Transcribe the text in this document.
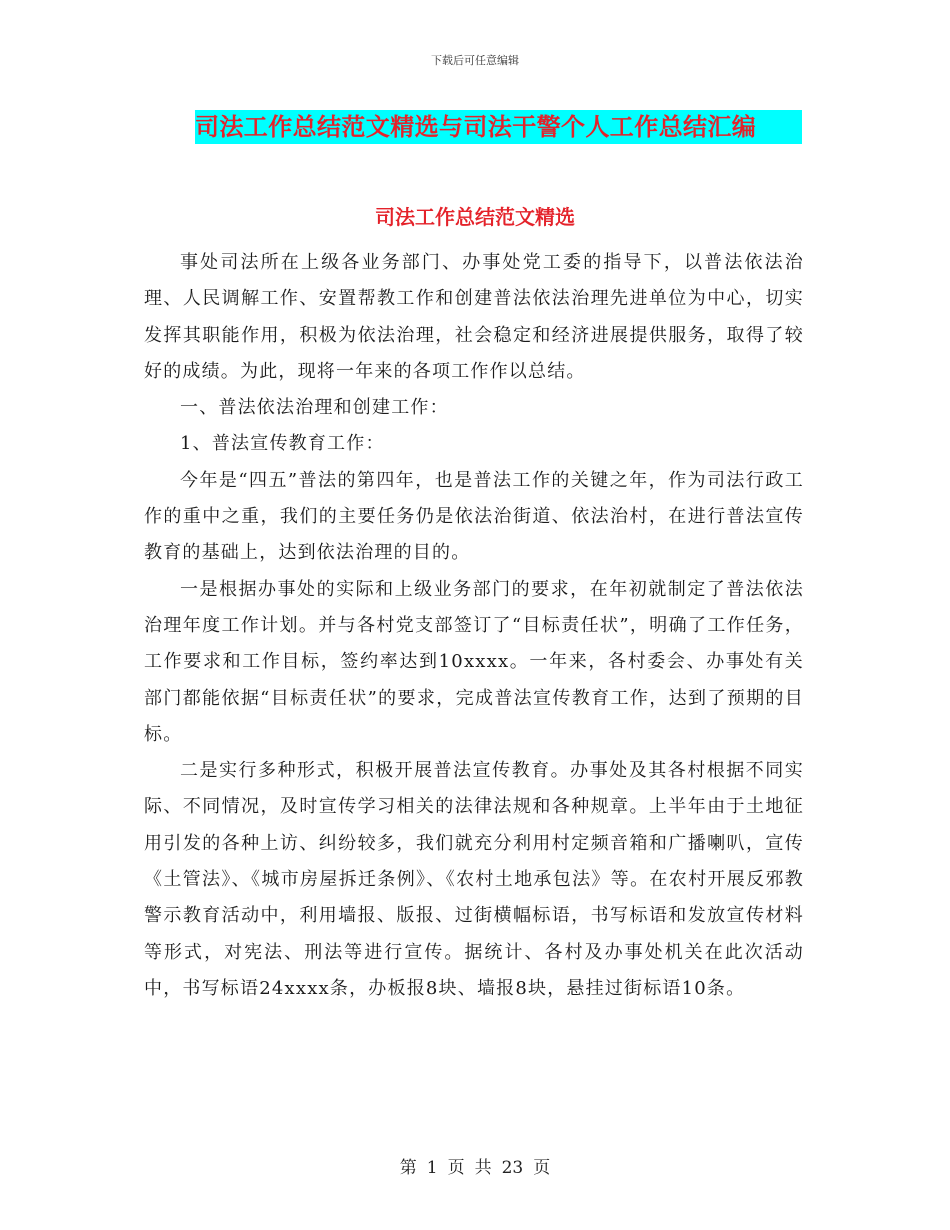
下载后可任意编辑
司法工作总结范文精选与司法干警个人工作总结汇编
司法工作总结范文精选

事处司法所在上级各业务部门、办事处党工委的指导下，以普法依法治理、人民调解工作、安置帮教工作和创建普法依法治理先进单位为中心，切实发挥其职能作用，积极为依法治理，社会稳定和经济进展提供服务，取得了较好的成绩。为此，现将一年来的各项工作作以总结。

一、普法依法治理和创建工作：

1、普法宣传教育工作：

今年是“四五”普法的第四年，也是普法工作的关键之年，作为司法行政工作的重中之重，我们的主要任务仍是依法治街道、依法治村，在进行普法宣传教育的基础上，达到依法治理的目的。

一是根据办事处的实际和上级业务部门的要求，在年初就制定了普法依法治理年度工作计划。并与各村党支部签订了“目标责任状”，明确了工作任务，工作要求和工作目标，签约率达到10xxxx。一年来，各村委会、办事处有关部门都能依据“目标责任状”的要求，完成普法宣传教育工作，达到了预期的目标。

二是实行多种形式，积极开展普法宣传教育。办事处及其各村根据不同实际、不同情况，及时宣传学习相关的法律法规和各种规章。上半年由于土地征用引发的各种上访、纠纷较多，我们就充分利用村定频音箱和广播喇叭，宣传《土管法》、《城市房屋拆迁条例》、《农村土地承包法》等。在农村开展反邪教警示教育活动中，利用墙报、版报、过街横幅标语，书写标语和发放宣传材料等形式，对宪法、刑法等进行宣传。据统计、各村及办事处机关在此次活动中，书写标语24xxxx条，办板报8块、墙报8块，悬挂过街标语10条。

第 1 页 共 23 页
